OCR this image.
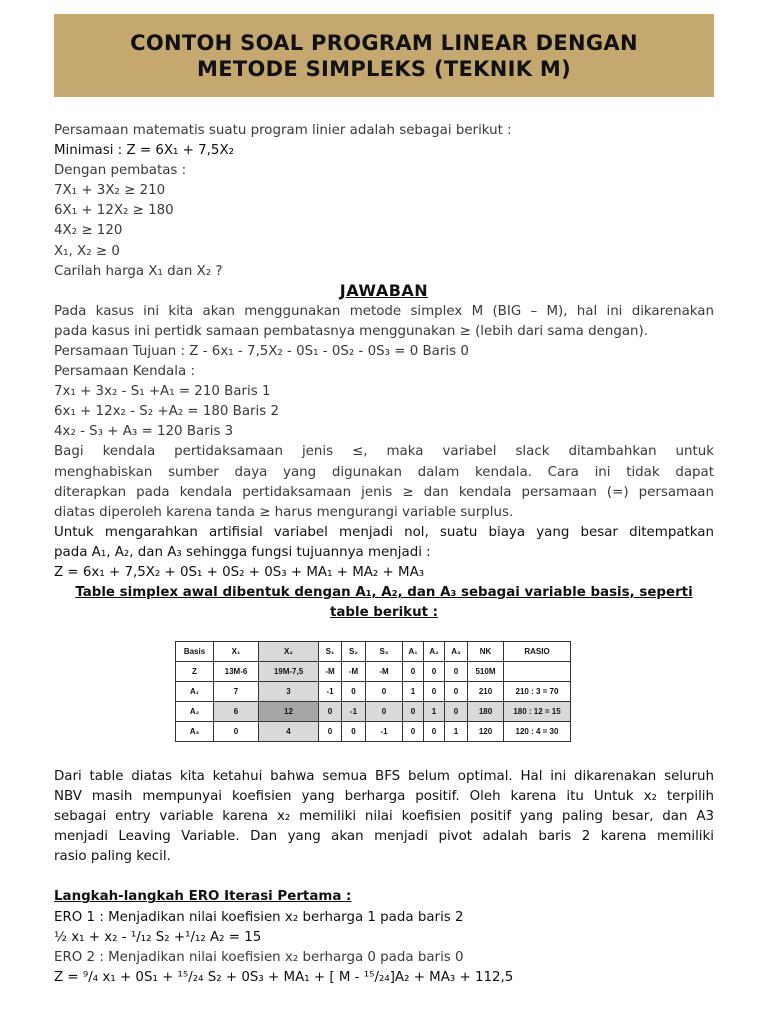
CONTOH SOAL PROGRAM LINEAR DENGAN
METODE SIMPLEKS (TEKNIK M)
Persamaan matematis suatu program linier adalah sebagai berikut :
Minimasi : Z = 6X₁ + 7,5X₂
Dengan pembatas :
7X₁ + 3X₂ ≥ 210
6X₁ + 12X₂ ≥ 180
4X₂ ≥ 120
X₁, X₂ ≥ 0
Carilah harga X₁ dan X₂ ?
JAWABAN
Pada kasus ini kita akan menggunakan metode simplex M (BIG – M), hal ini dikarenakan
pada kasus ini pertidk samaan pembatasnya menggunakan ≥ (lebih dari sama dengan).
Persamaan Tujuan : Z - 6x₁ - 7,5X₂ - 0S₁ - 0S₂ - 0S₃ = 0 Baris 0
Persamaan Kendala :
7x₁ + 3x₂ - S₁ +A₁ = 210 Baris 1
6x₁ + 12x₂ - S₂ +A₂ = 180 Baris 2
4x₂ - S₃ + A₃ = 120 Baris 3
Bagi kendala pertidaksamaan jenis ≤, maka variabel slack ditambahkan untuk
menghabiskan sumber daya yang digunakan dalam kendala. Cara ini tidak dapat
diterapkan pada kendala pertidaksamaan jenis ≥ dan kendala persamaan (=) persamaan
diatas diperoleh karena tanda ≥ harus mengurangi variable surplus.
Untuk mengarahkan artifisial variabel menjadi nol, suatu biaya yang besar ditempatkan
pada A₁, A₂, dan A₃ sehingga fungsi tujuannya menjadi :
Z = 6x₁ + 7,5X₂ + 0S₁ + 0S₂ + 0S₃ + MA₁ + MA₂ + MA₃
Table simplex awal dibentuk dengan A₁, A₂, dan A₃ sebagai variable basis, seperti
table berikut :
Basis	X₁	X₂	S₁	S₂	S₃	A₁	A₂	A₃	NK	RASIO
Z	13M-6	19M-7,5	-M	-M	-M	0	0	0	510M	
A₁	7	3	-1	0	0	1	0	0	210	210 : 3 = 70
A₂	6	12	0	-1	0	0	1	0	180	180 : 12 = 15
A₃	0	4	0	0	-1	0	0	1	120	120 : 4 = 30
Dari table diatas kita ketahui bahwa semua BFS belum optimal. Hal ini dikarenakan seluruh
NBV masih mempunyai koefisien yang berharga positif. Oleh karena itu Untuk x₂ terpilih
sebagai entry variable karena x₂ memiliki nilai koefisien positif yang paling besar, dan A3
menjadi Leaving Variable. Dan yang akan menjadi pivot adalah baris 2 karena memiliki
rasio paling kecil.
Langkah-langkah ERO Iterasi Pertama :
ERO 1 : Menjadikan nilai koefisien x₂ berharga 1 pada baris 2
½ x₁ + x₂ - ¹/₁₂ S₂ +¹/₁₂ A₂ = 15
ERO 2 : Menjadikan nilai koefisien x₂ berharga 0 pada baris 0
Z = ⁹/₄ x₁ + 0S₁ + ¹⁵/₂₄ S₂ + 0S₃ + MA₁ + [ M - ¹⁵/₂₄]A₂ + MA₃ + 112,5
